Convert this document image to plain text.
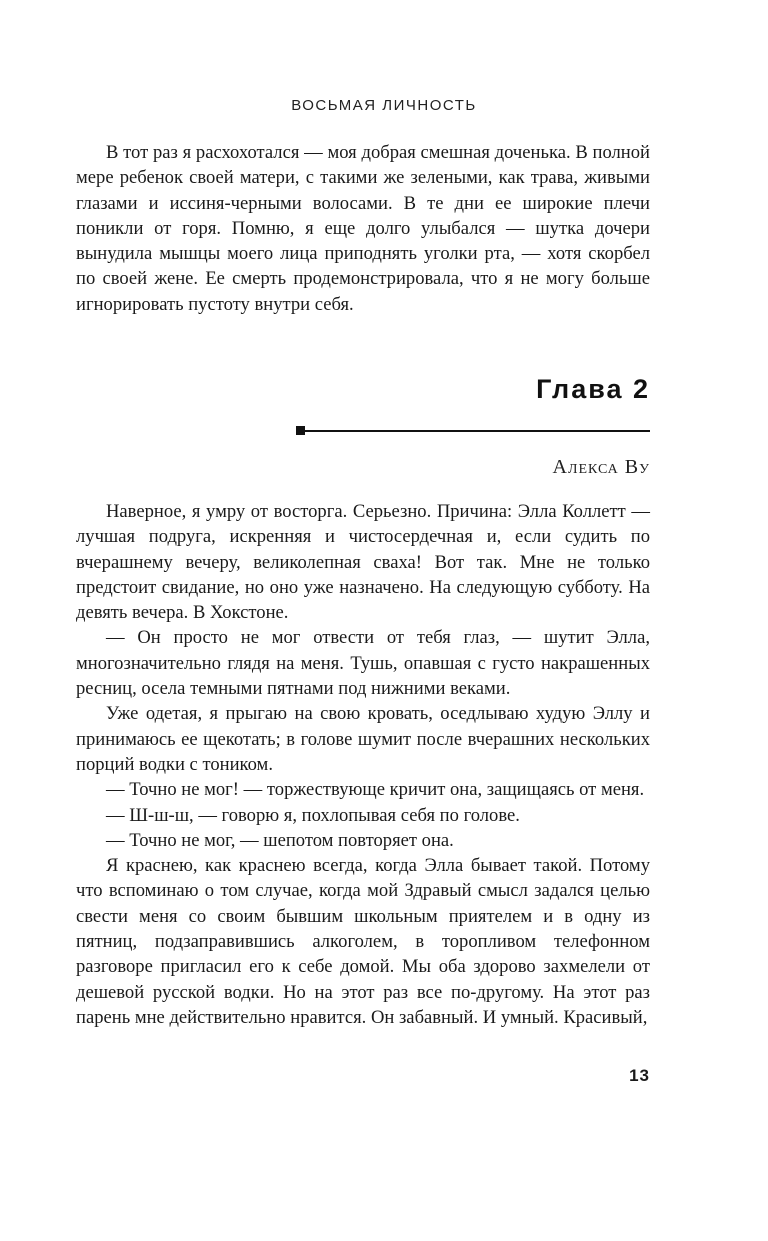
ВОСЬМАЯ ЛИЧНОСТЬ

В тот раз я расхохотался — моя добрая смешная доченька. В полной мере ребенок своей матери, с такими же зелеными, как трава, живыми глазами и иссиня-черными волосами. В те дни ее широкие плечи поникли от горя. Помню, я еще долго улыбался — шутка дочери вынудила мышцы моего лица приподнять уголки рта, — хотя скорбел по своей жене. Ее смерть продемонстрировала, что я не могу больше игнорировать пустоту внутри себя.

Глава 2
Алекса Ву

Наверное, я умру от восторга. Серьезно. Причина: Элла Коллетт — лучшая подруга, искренняя и чистосердечная и, если судить по вчерашнему вечеру, великолепная сваха! Вот так. Мне не только предстоит свидание, но оно уже назначено. На следующую субботу. На девять вечера. В Хокстоне.

— Он просто не мог отвести от тебя глаз, — шутит Элла, многозначительно глядя на меня. Тушь, опавшая с густо накрашенных ресниц, осела темными пятнами под нижними веками.

Уже одетая, я прыгаю на свою кровать, оседлываю худую Эллу и принимаюсь ее щекотать; в голове шумит после вчерашних нескольких порций водки с тоником.

— Точно не мог! — торжествующе кричит она, защищаясь от меня.

— Ш-ш-ш, — говорю я, похлопывая себя по голове.

— Точно не мог, — шепотом повторяет она.

Я краснею, как краснею всегда, когда Элла бывает такой. Потому что вспоминаю о том случае, когда мой Здравый смысл задался целью свести меня со своим бывшим школьным приятелем и в одну из пятниц, подзаправившись алкоголем, в торопливом телефонном разговоре пригласил его к себе домой. Мы оба здорово захмелели от дешевой русской водки. Но на этот раз все по-другому. На этот раз парень мне действительно нравится. Он забавный. И умный. Красивый,

13
